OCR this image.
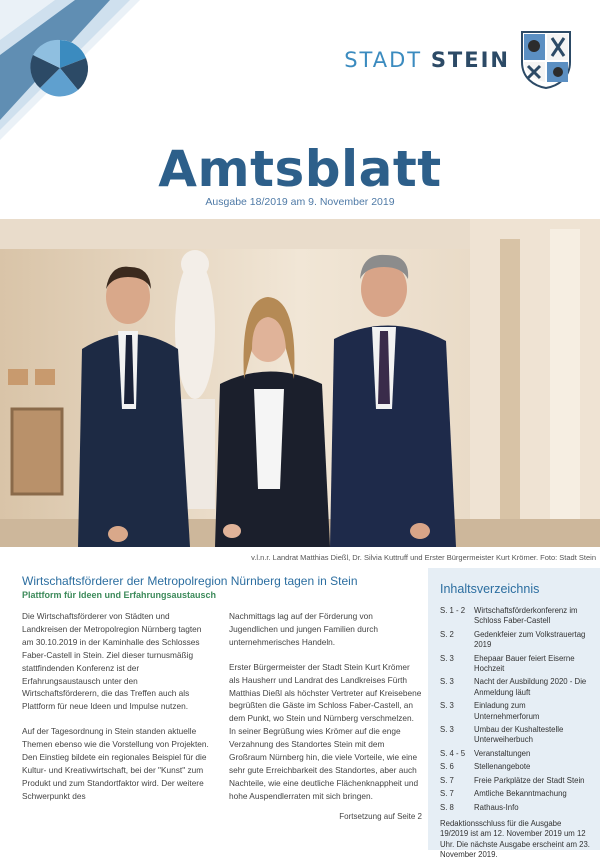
STADT STEIN
Amtsblatt
Ausgabe 18/2019 am 9. November 2019
v.l.n.r. Landrat Matthias Dießl, Dr. Silvia Kuttruff und Erster Bürgermeister Kurt Krömer. Foto: Stadt Stein
Wirtschaftsförderer der Metropolregion Nürnberg tagen in Stein
Plattform für Ideen und Erfahrungsaustausch

Die Wirtschaftsförderer von Städten und Landkreisen der Metropolregion Nürnberg tagten am 30.10.2019 in der Kaminhalle des Schlosses Faber-Castell in Stein. Ziel dieser turnusmäßig stattfindenden Konferenz ist der Erfahrungsaustausch unter den Wirtschaftsförderern, die das Treffen auch als Plattform für neue Ideen und Impulse nutzen.

Auf der Tagesordnung in Stein standen aktuelle Themen ebenso wie die Vorstellung von Projekten. Den Einstieg bildete ein regionales Beispiel für die Kultur- und Kreativwirtschaft, bei der "Kunst" zum Produkt und zum Standortfaktor wird. Der weitere Schwerpunkt des

Nachmittags lag auf der Förderung von Jugendlichen und jungen Familien durch unternehmerisches Handeln.

Erster Bürgermeister der Stadt Stein Kurt Krömer als Hausherr und Landrat des Landkreises Fürth Matthias Dießl als höchster Vertreter auf Kreisebene begrüßten die Gäste im Schloss Faber-Castell, an dem Punkt, wo Stein und Nürnberg verschmelzen. In seiner Begrüßung wies Krömer auf die enge Verzahnung des Standortes Stein mit dem Großraum Nürnberg hin, die viele Vorteile, wie eine sehr gute Erreichbarkeit des Standortes, aber auch Nachteile, wie eine deutliche Flächenknappheit und hohe Auspendlerraten mit sich bringen.

Fortsetzung auf Seite 2
Inhaltsverzeichnis
S. 1 - 2	Wirtschaftsförderkonferenz im Schloss Faber-Castell
S. 2	Gedenkfeier zum Volkstrauertag 2019
S. 3	Ehepaar Bauer feiert Eiserne Hochzeit
S. 3	Nacht der Ausbildung 2020 - Die Anmeldung läuft
S. 3	Einladung zum Unternehmerforum
S. 3	Umbau der Kushaltestelle Unterweiherbuch
S. 4 - 5	Veranstaltungen
S. 6	Stellenangebote
S. 7	Freie Parkplätze der Stadt Stein
S. 7	Amtliche Bekanntmachung
S. 8	Rathaus-Info
Redaktionsschluss für die Ausgabe 19/2019 ist am 12. November 2019 um 12 Uhr. Die nächste Ausgabe erscheint am 23. November 2019.
